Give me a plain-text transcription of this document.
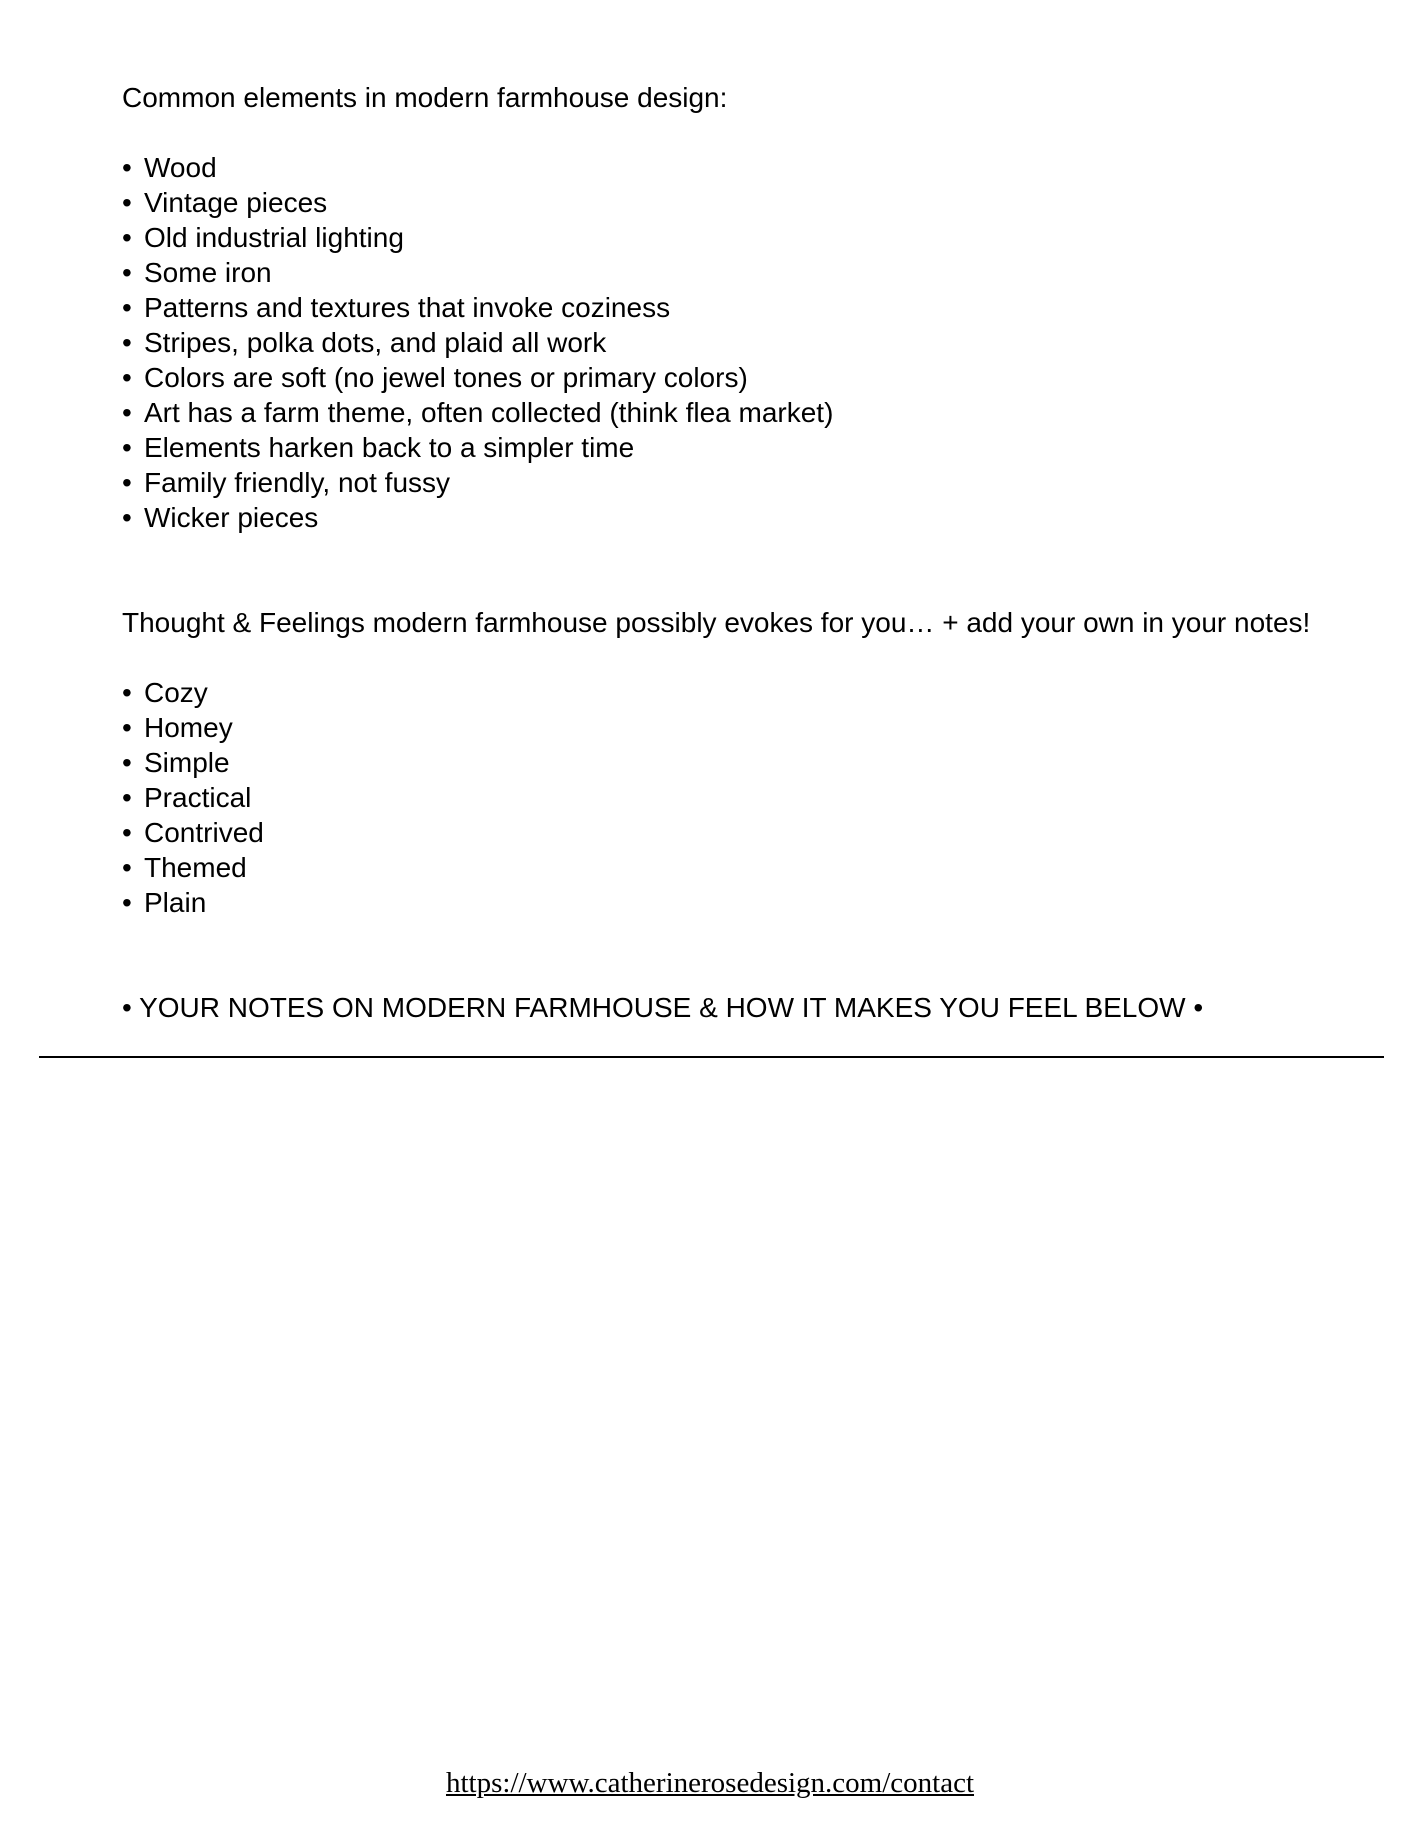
Common elements in modern farmhouse design:

• Wood
• Vintage pieces
• Old industrial lighting
• Some iron
• Patterns and textures that invoke coziness
• Stripes, polka dots, and plaid all work
• Colors are soft (no jewel tones or primary colors)
• Art has a farm theme, often collected (think flea market)
• Elements harken back to a simpler time
• Family friendly, not fussy
• Wicker pieces

Thought & Feelings modern farmhouse possibly evokes for you… + add your own in your notes!

• Cozy
• Homey
• Simple
• Practical
• Contrived
• Themed
• Plain

• YOUR NOTES ON MODERN FARMHOUSE & HOW IT MAKES YOU FEEL BELOW •

https://www.catherinerosedesign.com/contact
